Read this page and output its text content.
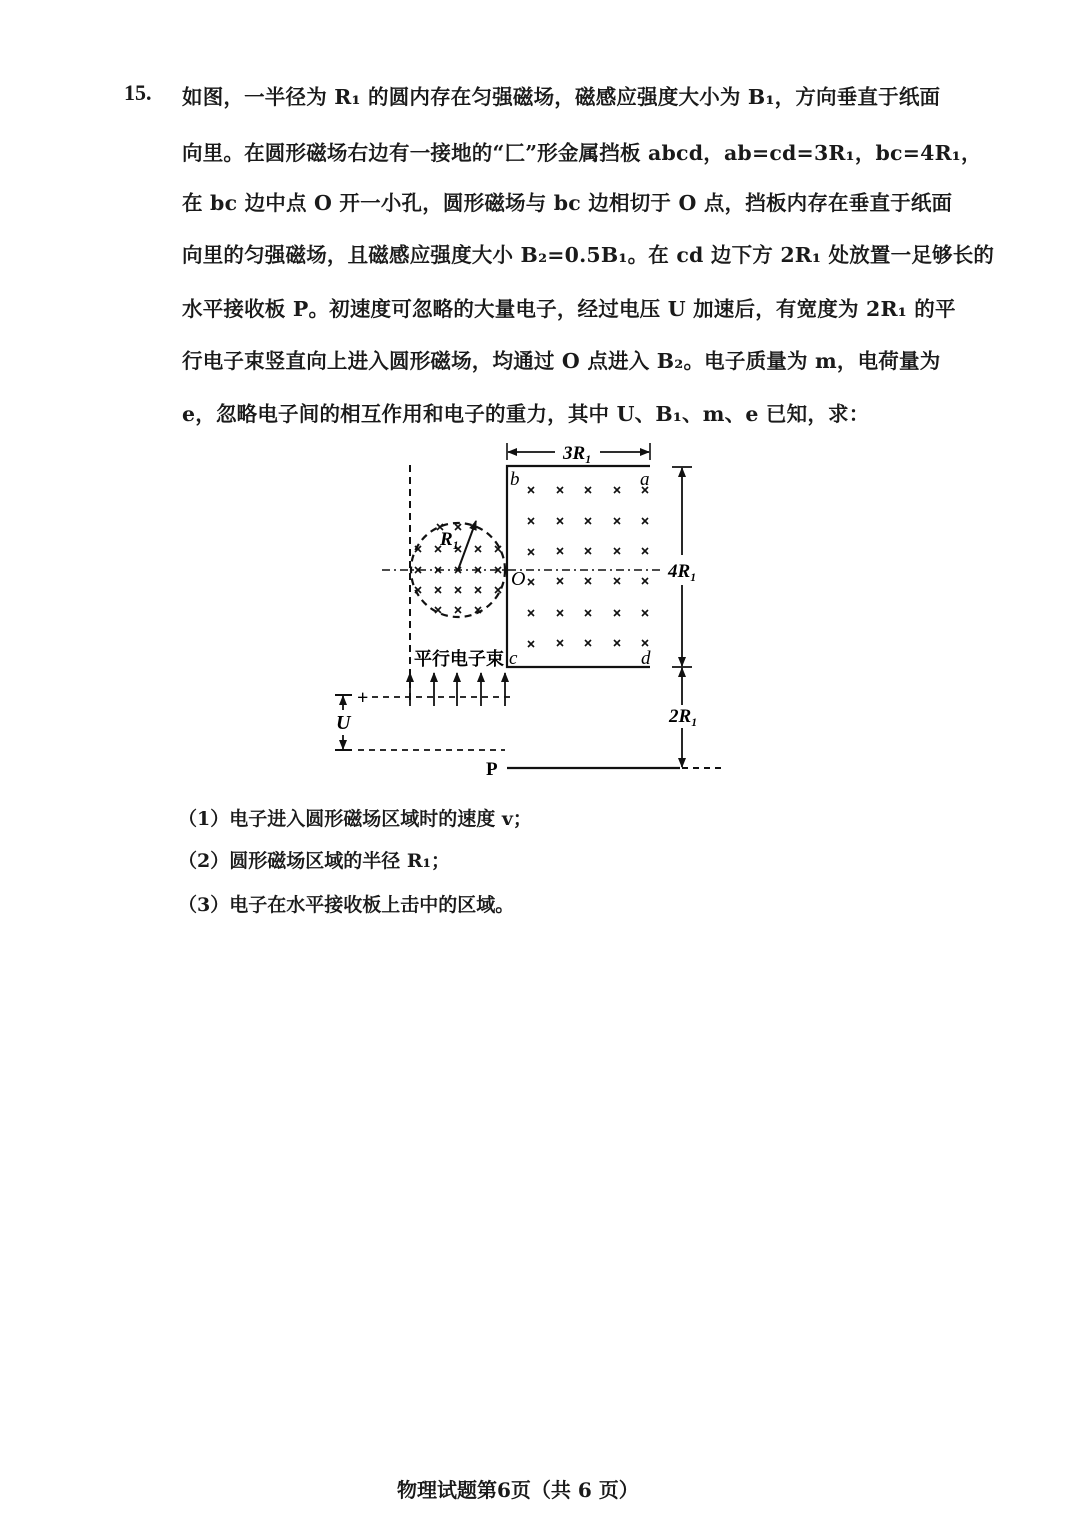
15. 如图，一半径为 R₁ 的圆内存在匀强磁场，磁感应强度大小为 B₁，方向垂直于纸面
向里。在圆形磁场右边有一接地的“匚”形金属挡板 abcd，ab=cd=3R₁，bc=4R₁，
在 bc 边中点 O 开一小孔，圆形磁场与 bc 边相切于 O 点，挡板内存在垂直于纸面
向里的匀强磁场，且磁感应强度大小 B₂=0.5B₁。在 cd 边下方 2R₁ 处放置一足够长的
水平接收板 P。初速度可忽略的大量电子，经过电压 U 加速后，有宽度为 2R₁ 的平
行电子束竖直向上进入圆形磁场，均通过 O 点进入 B₂。电子质量为 m，电荷量为
e，忽略电子间的相互作用和电子的重力，其中 U、B₁、m、e 已知，求：
R₁
b	a
c	d
O
3R₁
4R₁
2R₁
P
+
U
平行电子束
（1）电子进入圆形磁场区域时的速度 v；
（2）圆形磁场区域的半径 R₁；
（3）电子在水平接收板上击中的区域。
物理试题第6页（共 6 页）
